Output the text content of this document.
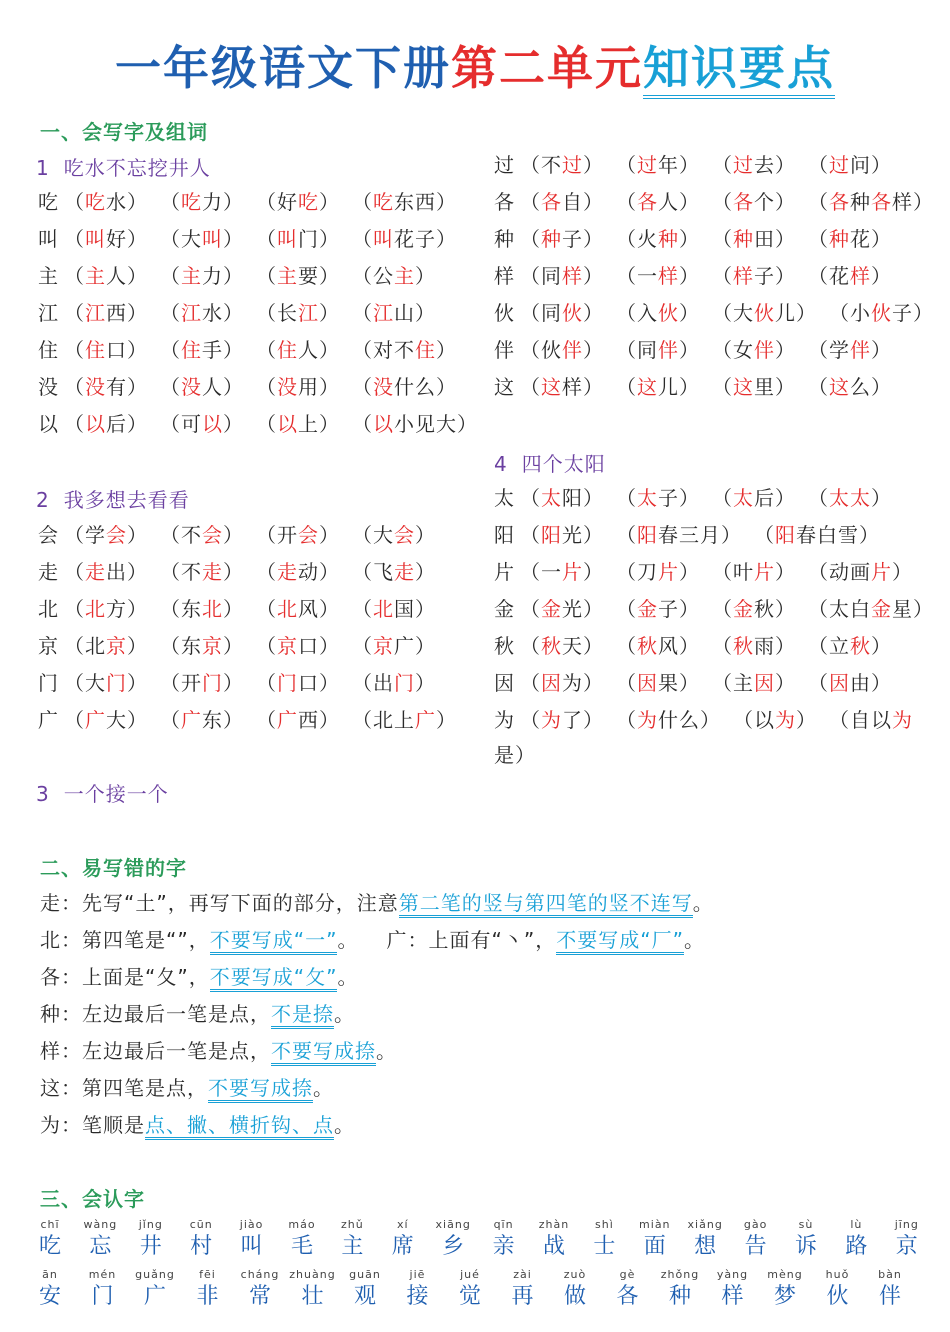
一年级语文下册第二单元知识要点
一、会写字及组词
1 吃水不忘挖井人
2 我多想去看看
3 一个接一个
4 四个太阳
吃 （吃水） （吃力） （好吃） （吃东西）
叫 （叫好） （大叫） （叫门） （叫花子）
主 （主人） （主力） （主要） （公主）
江 （江西） （江水） （长江） （江山）
住 （住口） （住手） （住人） （对不住）
没 （没有） （没人） （没用） （没什么）
以 （以后） （可以） （以上） （以小见大）
会 （学会） （不会） （开会） （大会）
走 （走出） （不走） （走动） （飞走）
北 （北方） （东北） （北风） （北国）
京 （北京） （东京） （京口） （京广）
门 （大门） （开门） （门口） （出门）
广 （广大） （广东） （广西） （北上广）
过 （不过） （过年） （过去） （过问）
各 （各自） （各人） （各个） （各种各样）
种 （种子） （火种） （种田） （种花）
样 （同样） （一样） （样子） （花样）
伙 （同伙） （入伙） （大伙儿） （小伙子）
伴 （伙伴） （同伴） （女伴） （学伴）
这 （这样） （这儿） （这里） （这么）
太 （太阳） （太子） （太后） （太太）
阳 （阳光） （阳春三月） （阳春白雪）
片 （一片） （刀片） （叶片） （动画片）
金 （金光） （金子） （金秋） （太白金星）
秋 （秋天） （秋风） （秋雨） （立秋）
因 （因为） （因果） （主因） （因由）
为 （为了） （为什么） （以为） （自以为
是）
二、易写错的字
走：先写“土”，再写下面的部分，注意第二笔的竖与第四笔的竖不连写。
北：第四笔是“”，不要写成“一”。 广：上面有“丶”，不要写成“厂”。
各：上面是“夂”，不要写成“攵”。
种：左边最后一笔是点，不是捺。
样：左边最后一笔是点，不要写成捺。
这：第四笔是点，不要写成捺。
为：笔顺是点、撇、横折钩、点。
三、会认字
chī
吃
wàng
忘
jǐng
井
cūn
村
jiào
叫
máo
毛
zhǔ
主
xí
席
xiāng
乡
qīn
亲
zhàn
战
shì
士
miàn
面
xiǎng
想
gào
告
sù
诉
lù
路
jīng
京
ān
安
mén
门
guǎng
广
fēi
非
cháng
常
zhuàng
壮
guān
观
jiē
接
jué
觉
zài
再
zuò
做
gè
各
zhǒng
种
yàng
样
mèng
梦
huǒ
伙
bàn
伴
